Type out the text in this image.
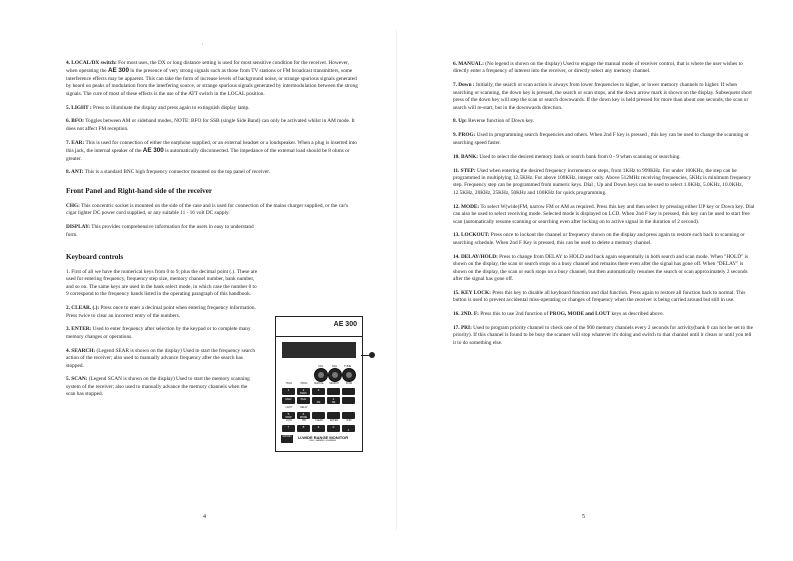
4. LOCAL/DX switch: For most uses, the DX or long distance setting is used for most sensitive condition for the receiver. However, when operating the AE 300 in the presence of very strong signals such as those from TV stations or FM broadcast transmitters, some interference effects may be apparent. This can take the form of increase levels of background noise, or strange spurious signals generated by heard on peaks of modulation from the interfering source, or strange spurious signals generated by intermodulation between the strong signals. The cure of most of these effects is the use of the ATT switch in the LOCAL position.

5. LIGHT : Press to illuminate the display and press again to extinguish display lamp.

6. BFO: Toggles between AM or sideband modes, NOTE: BFO for SSB (single Side Band) can only be activated whilst in AM mode. It does not affect FM reception.

7. EAR: This is used for connection of either the earphone supplied, or an external headset or a loudspeaker. When a plug is inserted into this jack, the internal speaker of the AE 300 is automatically disconnected. The impedance of the external load should be 8 ohms or greater.

8. ANT: This is a standard BNC high frequency connector mounted on the top panel of receiver.

Front Panel and Right-hand side of the receiver

CHG: This concentric socket is mounted on the side of the case and is used for connection of the mains charger supplied, or the car's cigar lighter DC power cord supplied, or any suitable 11 - 16 volt DC supply.

DISPLAY: This provides comprehensive information for the users in easy to understand form.

Keyboard controls

1. First of all we have the numerical keys from 0 to 9, plus the decimal point (.). These are used for entering frequency, frequency step size, memory channel number, bank number, and so on. The same keys are used in the bank select mode, in which case the number 0 to 9 correspond to the frequency bands listed in the operating paragraph of this handbook.

2. CLEAR. (.): Press once to enter a decimal point when entering frequency information. Press twice to clear an incorrect entry of the numbers.

3. ENTER: Used to enter frequency after selection by the keypad or to complete many memory changes or operations.

4. SEARCH: (Legend SEAR is shown on the display) Used to start the frequency search action of the receiver; also used to manually advance frequency after the search has stopped.

5. SCAN: (Legend SCAN is shown on the display) Used to start the memory scanning system of the receiver; also used to manually advance the memory channels when the scan has stopped.

AE 300
VOL	SQL	TUNE
HOLD	PROG	MANUAL	SEARCH	SCAN
1	2
BANK
3
MHz	KHz
FM
4
AM
LIGHT	DELAY
5
STEP
6
MODE
LOCK	PRI	CLEAR	ENTER	2ndF
7	8	9	0
F
MAXON	U-WIDE RANGE MONITOR
1000 CHANNEL SCANNER
4

6. MANUAL: (No legend is shown on the display) Used to engage the manual mode of receiver control, that is where the user wishes to directly enter a frequency of interest into the receiver, or directly select any memory channel.

7. Down : Initially, the search or scan action is always from lower frequencies to higher, or lower memory channels to higher. If when searching or scanning, the down key is pressed, the search or scan stops, and the down arrow mark is shown on the display. Subsequent short press of the down key will step the scan or search downwards. If the down key is held pressed for more than about one seconds, the scan or search will re-start, but in the downwards direction.

8. Up: Reverse function of Down key.

9. PROG: Used in programming search frequencies and others. When 2nd F key is pressed , this key can be used to change the scanning or searching speed faster.

10. BANK: Used to select the desired memory bank or search bank from 0 - 9 when scanning or searching.

11. STEP: Used when entering the desired frequency increments or steps, from 1KHz to 999KHz. For under 100KHz, the step can be programmed in multiplying 12.5KHz. For above 100KHz, integer only. Above 512MHz receiving frequencies, 5KHz is minimum frequency step. Frequency step can be programmed from numeric keys. Dial , Up and Down keys can be used to select 1.0KHz, 5.0KHz, 10.0KHz, 12.5KHz, 20KHz, 25KHz, 50KHz and 100KHz for quick programming.

12. MODE: To select W(wide)FM, narrow FM or AM as required. Press this key and then select by pressing either UP key or Down key. Dial can also be used to select receiving mode. Selected mode is displayed on LCD. When 2nd F key is pressed, this key can be used to start free scan (automatically resume scanning or searching even after locking on to active signal in the duration of 2 second).

13. LOCKOUT: Press once to lockout the channel or frequency shown on the display and press again to restore such back to scanning or searching schedule. When 2nd F Key is pressed, this can be used to delete a memory channel.

14. DELAY/HOLD: Press to change from DELAY to HOLD and back again sequentially in both search and scan mode. When "HOLD" is shown on the display, the scan or search stops on a busy channel and remains there even after the signal has gone off. When "DELAY" is shown on the display, the scan or each stops on a busy channel, but then automatically resumes the search or scan approximately 2 seconds after the signal has gone off.

15. KEY LOCK: Press this key to disable all keyboard function and dial function. Press again to restore all function back to normal. This button is used to prevent accidental miss-operating or changes of frequency when the receiver is being carried around but still in use.

16. 2ND. F: Press this to use 2nd function of PROG, MODE and LOUT keys as described above.

17. PRI: Used to program priority channel to check one of the 900 memory channels every 2 seconds for activity(bank 0 can not be set to the priority). If this channel is found to be busy the scanner will stop whatever it's doing and switch to that channel until it clears or until you tell it to do something else.

5
